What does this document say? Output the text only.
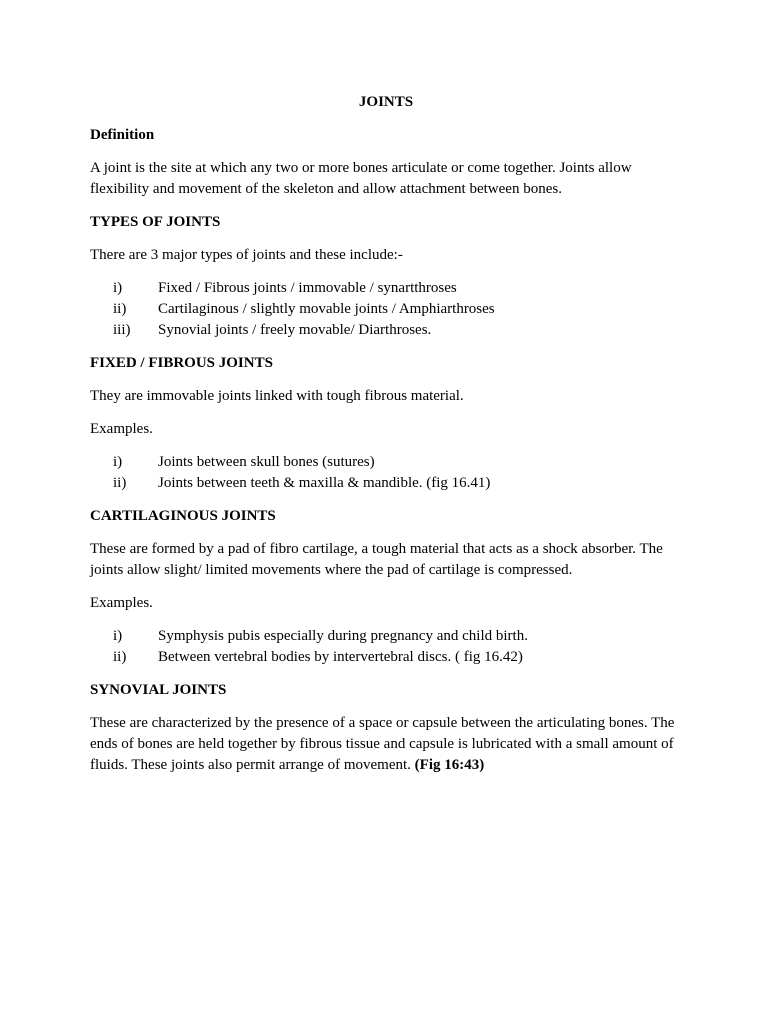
JOINTS
Definition

A joint is the site at which any two or more bones articulate or come together. Joints allow flexibility and movement of the skeleton and allow attachment between bones.

TYPES OF JOINTS

There are 3 major types of joints and these include:-

i)	Fixed / Fibrous joints / immovable / synartthroses
ii)	Cartilaginous / slightly movable joints / Amphiarthroses
iii)	Synovial joints / freely movable/ Diarthroses.
FIXED / FIBROUS JOINTS

They are immovable joints linked with tough fibrous material.

Examples.

i)	Joints between skull bones (sutures)
ii)	Joints between teeth & maxilla & mandible. (fig 16.41)
CARTILAGINOUS JOINTS

These are formed by a pad of fibro cartilage, a tough material that acts as a shock absorber. The joints allow slight/ limited movements where the pad of cartilage is compressed.

Examples.

i)	Symphysis pubis especially during pregnancy and child birth.
ii)	Between vertebral bodies by intervertebral discs. ( fig 16.42)
SYNOVIAL JOINTS

These are characterized by the presence of a space or capsule between the articulating bones. The ends of bones are held together by fibrous tissue and capsule is lubricated with a small amount of fluids. These joints also permit arrange of movement. (Fig 16:43)
